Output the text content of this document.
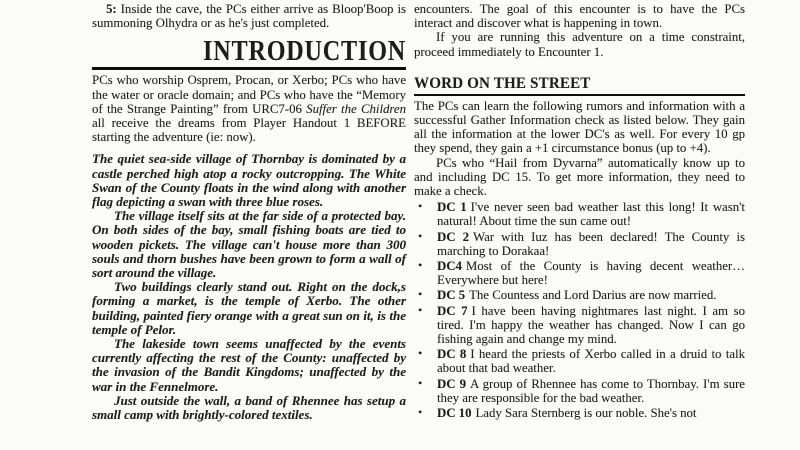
5: Inside the cave, the PCs either arrive as Bloop'Boop is summoning Olhydra or as he's just completed.

INTRODUCTION

PCs who worship Osprem, Procan, or Xerbo; PCs who have the water or oracle domain; and PCs who have the “Memory of the Strange Painting” from URC7-06 Suffer the Children all receive the dreams from Player Handout 1 BEFORE starting the adventure (ie: now).

The quiet sea-side village of Thornbay is dominated by a castle perched high atop a rocky outcropping. The White Swan of the County floats in the wind along with another flag depicting a swan with three blue roses.

The village itself sits at the far side of a protected bay. On both sides of the bay, small fishing boats are tied to wooden pickets. The village can't house more than 300 souls and thorn bushes have been grown to form a wall of sort around the village.

Two buildings clearly stand out. Right on the dock,s forming a market, is the temple of Xerbo. The other building, painted fiery orange with a great sun on it, is the temple of Pelor.

The lakeside town seems unaffected by the events currently affecting the rest of the County: unaffected by the invasion of the Bandit Kingdoms; unaffected by the war in the Fennelmore.

Just outside the wall, a band of Rhennee has setup a small camp with brightly-colored textiles.

encounters. The goal of this encounter is to have the PCs interact and discover what is happening in town.

If you are running this adventure on a time constraint, proceed immediately to Encounter 1.

WORD ON THE STREET

The PCs can learn the following rumors and information with a successful Gather Information check as listed below. They gain all the information at the lower DC's as well. For every 10 gp they spend, they gain a +1 circumstance bonus (up to +4).

PCs who “Hail from Dyvarna” automatically know up to and including DC 15. To get more information, they need to make a check.

• DC 1 I've never seen bad weather last this long! It wasn't natural! About time the sun came out!
• DC 2 War with Iuz has been declared! The County is marching to Dorakaa!
• DC4 Most of the County is having decent weather… Everywhere but here!
• DC 5 The Countess and Lord Darius are now married.
• DC 7 I have been having nightmares last night. I am so tired. I'm happy the weather has changed. Now I can go fishing again and change my mind.
• DC 8 I heard the priests of Xerbo called in a druid to talk about that bad weather.
• DC 9 A group of Rhennee has come to Thornbay. I'm sure they are responsible for the bad weather.
• DC 10 Lady Sara Sternberg is our noble. She's not
